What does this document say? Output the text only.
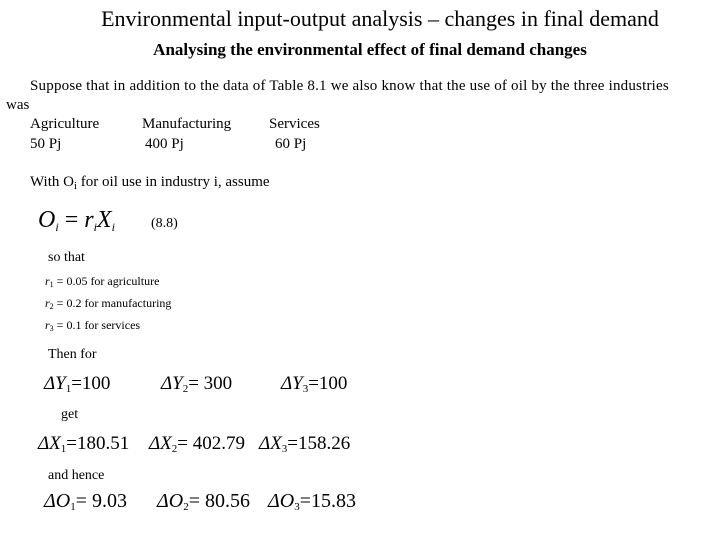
Environmental input-output analysis – changes in final demand
Analysing the environmental effect of final demand changes
Suppose that in addition to the data of Table 8.1 we also know that the use of oil by the three industries
was
Agriculture	Manufacturing	Services
50 Pj	400 Pj	60 Pj
With $O_i$ for oil use in industry i, assume
Oi = riXi	(8.8)
so that
r1 = 0.05 for agriculture
r2 = 0.2 for manufacturing
r3 = 0.1 for services
Then for
$\Delta Y_1=100$	$\Delta Y_2= 300$	$\Delta Y_3=100$
get
$\Delta X_1=180.51$ $\Delta X_2= 402.79$ $\Delta X_3=158.26$
and hence
$\Delta O_1= 9.03$ $\Delta O_2= 80.56$ $\Delta O_3=15.83$
